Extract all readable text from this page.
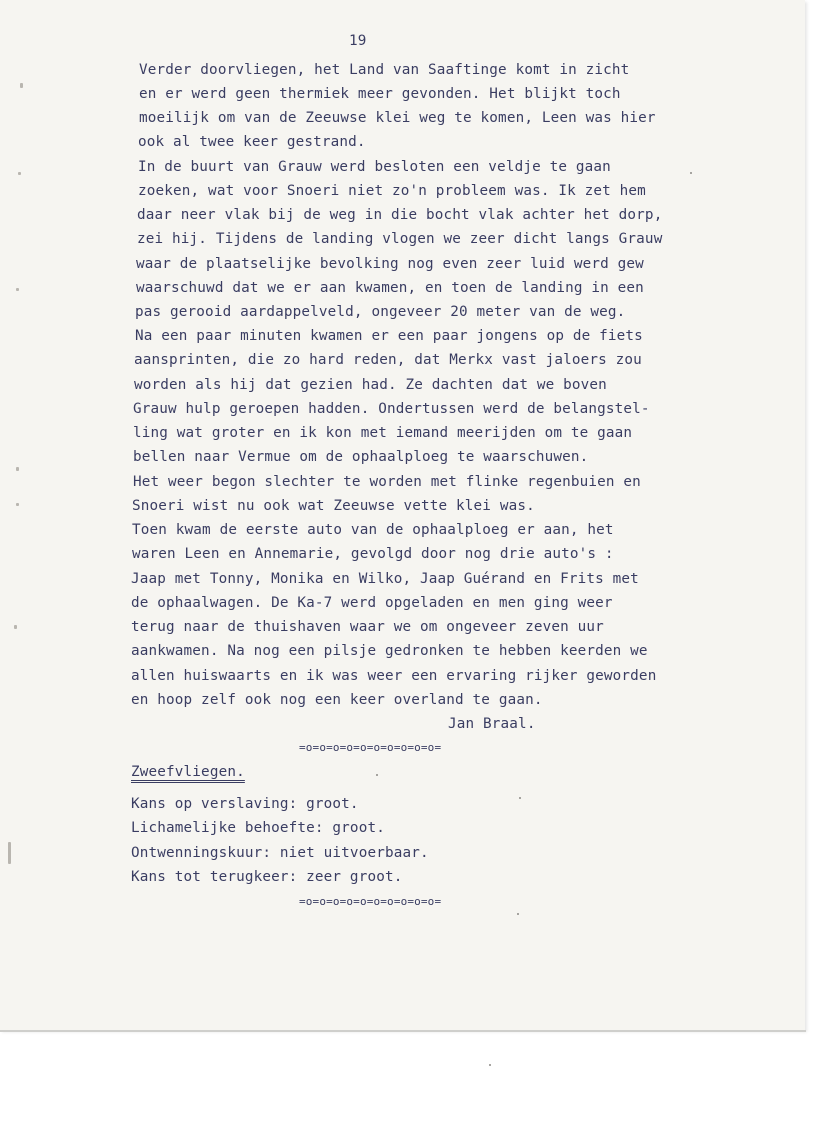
19
Verder doorvliegen, het Land van Saaftinge komt in zicht
en er werd geen thermiek meer gevonden. Het blijkt toch
moeilijk om van de Zeeuwse klei weg te komen, Leen was hier
ook al twee keer gestrand.
In de buurt van Grauw werd besloten een veldje te gaan
zoeken, wat voor Snoeri niet zo'n probleem was. Ik zet hem
daar neer vlak bij de weg in die bocht vlak achter het dorp,
zei hij. Tijdens de landing vlogen we zeer dicht langs Grauw
waar de plaatselijke bevolking nog even zeer luid werd gew
waarschuwd dat we er aan kwamen, en toen de landing in een
pas gerooid aardappelveld, ongeveer 20 meter van de weg.
Na een paar minuten kwamen er een paar jongens op de fiets
aansprinten, die zo hard reden, dat Merkx vast jaloers zou
worden als hij dat gezien had. Ze dachten dat we boven
Grauw hulp geroepen hadden. Ondertussen werd de belangstel-
ling wat groter en ik kon met iemand meerijden om te gaan
bellen naar Vermue om de ophaalploeg te waarschuwen.
Het weer begon slechter te worden met flinke regenbuien en
Snoeri wist nu ook wat Zeeuwse vette klei was.
Toen kwam de eerste auto van de ophaalploeg er aan, het
waren Leen en Annemarie, gevolgd door nog drie auto's :
Jaap met Tonny, Monika en Wilko, Jaap Guérand en Frits met
de ophaalwagen. De Ka-7 werd opgeladen en men ging weer
terug naar de thuishaven waar we om ongeveer zeven uur
aankwamen. Na nog een pilsje gedronken te hebben keerden we
allen huiswaarts en ik was weer een ervaring rijker geworden
en hoop zelf ook nog een keer overland te gaan.
Jan Braal.
=o=o=o=o=o=o=o=o=o=o=
Zweefvliegen.
Kans op verslaving: groot.
Lichamelijke behoefte: groot.
Ontwenningskuur: niet uitvoerbaar.
Kans tot terugkeer: zeer groot.
=o=o=o=o=o=o=o=o=o=o=
